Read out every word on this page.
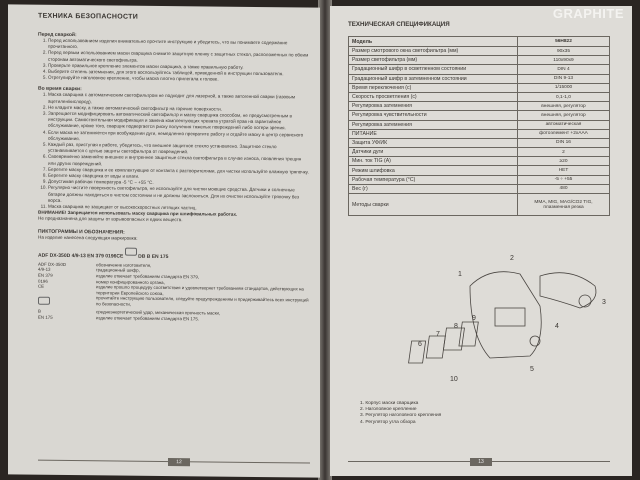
ТЕХНИКА БЕЗОПАСНОСТИ
Перед сваркой:
1. Перед использованием изделия внимательно прочтите инструкцию и убедитесь, что вы понимаете содержание прочитанного.
2. Перед первым использованием маски сварщика снимите защитную пленку с защитных стекол, расположенных по обеим сторонам автоматического светофильтра.
3. Проверьте правильное крепление элементов маски сварщика, а также правильную работу.
4. Выберите степень затемнения, для этого воспользуйтесь таблицей, приведенной в инструкции пользователя.
5. Отрегулируйте наголовное крепление, чтобы маска плотно прилегала к голове.
Во время сварки:
1. Маска сварщика с автоматическим светофильтром не подходит для лазерной, а также автогенной сварки (газовым ацетилен/кислород).
2. Не кладите маску, а также автоматический светофильтр на горячие поверхности.
3. Запрещается модифицировать автоматический светофильтр и маску сварщика способом, не предусмотренным в инструкции. Самостоятельная модификация и замена комплектующих чревата утратой прав на гарантийное обслуживание, кроме того, сварщик подвергается риску получения тяжелых повреждений либо потери зрения.
4. Если маска не затемняется при возбуждении дуги, немедленно прекратите работу и отдайте маску в центр сервисного обслуживания.
5. Каждый раз, приступая к работе, убедитесь, что внешнее защитное стекло установлено. Защитное стекло устанавливается с целью защиты светофильтра от повреждений.
6. Своевременно заменяйте внешнее и внутреннее защитные стекла светофильтра в случае износа, появления трещин или других повреждений.
7. Берегите маску сварщика и ее комплектующие от контакта с растворителями, для чистки используйте влажную тряпочку.
8. Берегите маску сварщика от воды и влаги.
9. Допустимая рабочая температура -5 °C ~ +55 °C.
10. Регулярно чистите поверхность светофильтра, не используйте для чистки моющие средства. Датчики и солнечные батареи должны находиться в чистом состоянии и не должны заслоняться. Для их очистки используйте тряпочку без ворса.
11. Маска сварщика не защищает от высокоскоростных летящих частиц.
ВНИМАНИЕ! Запрещается использовать маску сварщика при шлифовальных работах.
Не предназначена для защиты от взрывоопасных и едких веществ.
ПИКТОГРАММЫ И ОБОЗНАЧЕНИЯ:
На изделие нанесена следующая маркировка:
ADF DX-350D 4/9-13 EN 379 0196CE	DB B EN 175
ADF DX-350D	обозначение изготовителя,
4/9-13	градационный шифр,
EN 379	изделие отвечает требованиям стандарта EN 379,
0196	номер конфицированного органа,
CE	изделие прошло процедуру соответствия и удовлетворяет требованиям стандартов, действующих на территории Европейского союза,
прочитайте инструкцию пользователя, следуйте предупреждениям и придерживайтесь всех инструкций по безопасности,
B	среднеэнергетический удар, механическая прочность маски,
EN 175	изделие отвечает требованиям стандарта EN 175.
12
GRAPHITE
ТЕХНИЧЕСКАЯ СПЕЦИФИКАЦИЯ
Модель	56H822
Размер смотрового окна светофильтра (мм)	90x35
Размер светофильтра (мм)	110x90x9
Градационный шифр в осветленном состоянии	DIN 4
Градационный шифр в затемненном состоянии	DIN 9-13
Время переключения (с)	1/15000
Скорость просветления (с)	0,1-1,0
Регулировка затемнения	внешняя, регулятор
Регулировка чувствительности	внешняя, регулятор
Регулировка затемнения	автоматическая
ПИТАНИЕ	фотоэлемент +2хААА
Защита УФ/ИК	DIN 16
Датчики дуги	2
Мин. ток TIG (A)	≥20
Режим шлифовка	НЕТ
Рабочая температура (°C)	-5 ÷ +55
Вес (г)	480
Методы сварки	MMA, MIG, MAG/CO2 TIG, плазменная резка
1
2
3
4
5
6
7
8
9
10
1. Корпус маски сварщика
2. Наголовное крепление
3. Регулятор наголовного крепления
4. Регулятор угла обзора
13
